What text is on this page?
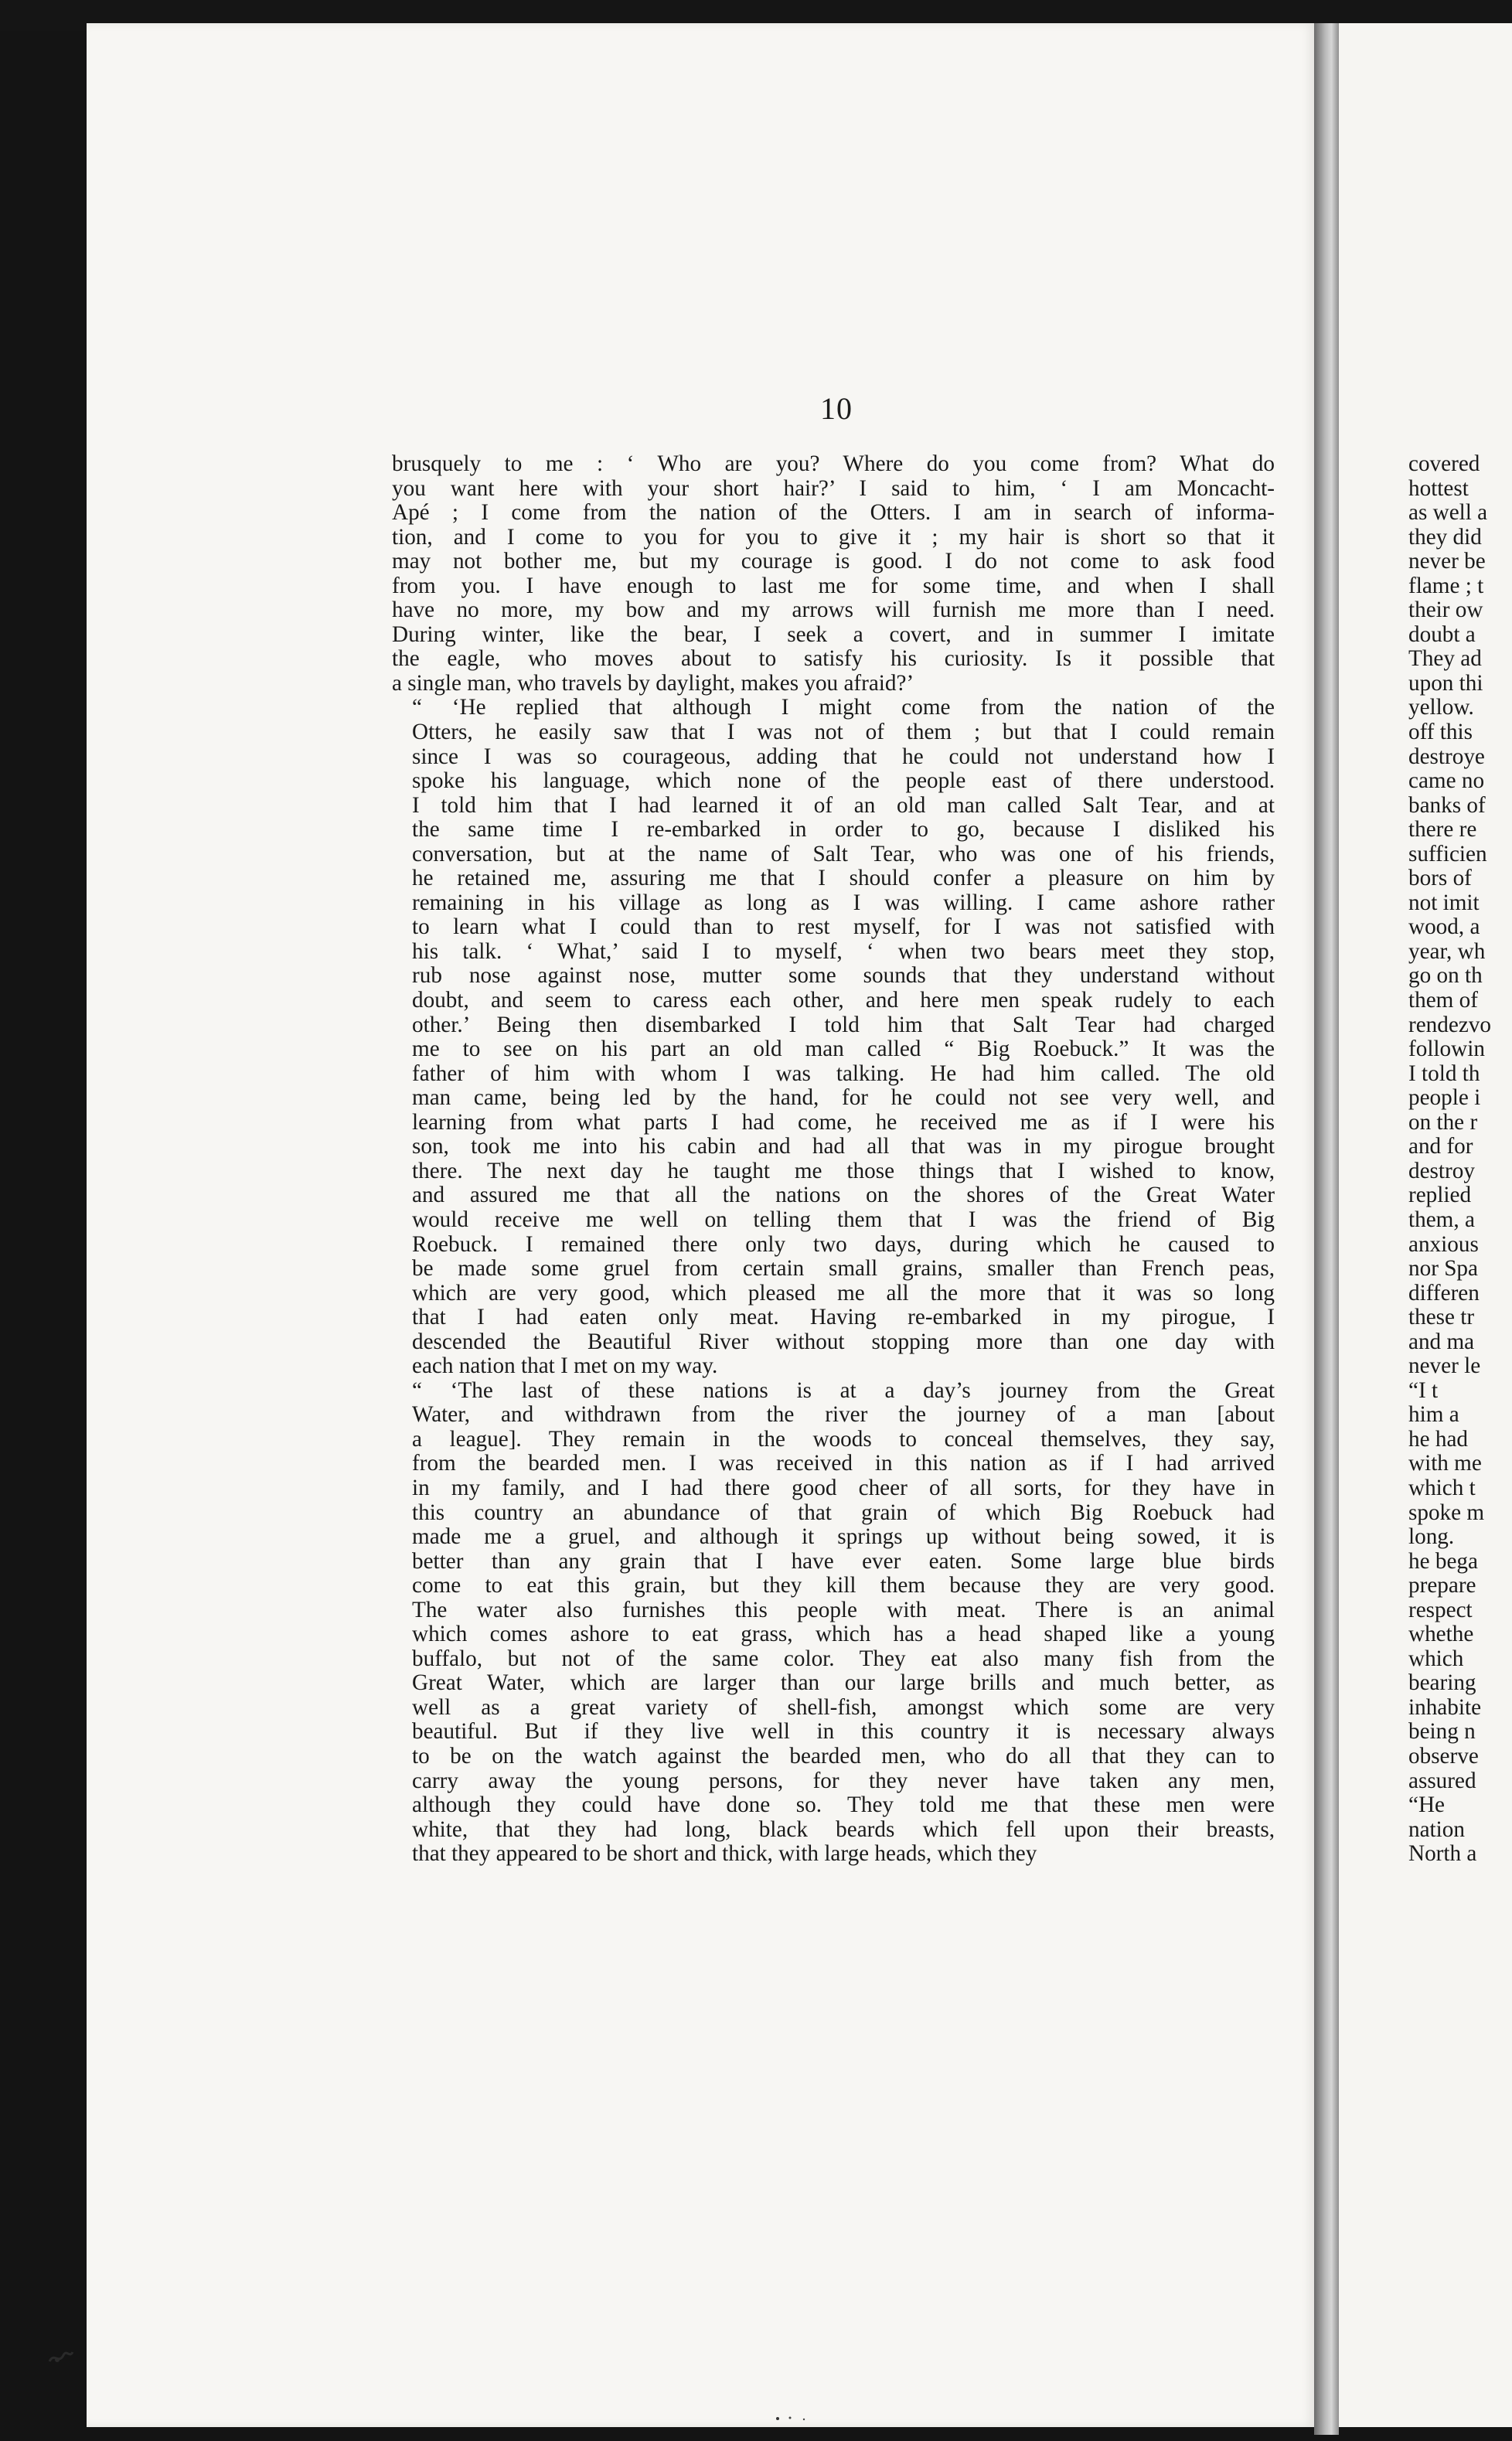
10

brusquely to me : ‘ Who are you? Where do you come from? What do
you want here with your short hair?’ I said to him, ‘ I am Moncacht-
Apé ; I come from the nation of the Otters. I am in search of informa-
tion, and I come to you for you to give it ; my hair is short so that it
may not bother me, but my courage is good. I do not come to ask food
from you. I have enough to last me for some time, and when I shall
have no more, my bow and my arrows will furnish me more than I need.
During winter, like the bear, I seek a covert, and in summer I imitate
the eagle, who moves about to satisfy his curiosity. Is it possible that
a single man, who travels by daylight, makes you afraid?’

“ ‘He replied that although I might come from the nation of the
Otters, he easily saw that I was not of them ; but that I could remain
since I was so courageous, adding that he could not understand how I
spoke his language, which none of the people east of there understood.
I told him that I had learned it of an old man called Salt Tear, and at
the same time I re-embarked in order to go, because I disliked his
conversation, but at the name of Salt Tear, who was one of his friends,
he retained me, assuring me that I should confer a pleasure on him by
remaining in his village as long as I was willing. I came ashore rather
to learn what I could than to rest myself, for I was not satisfied with
his talk. ‘ What,’ said I to myself, ‘ when two bears meet they stop,
rub nose against nose, mutter some sounds that they understand without
doubt, and seem to caress each other, and here men speak rudely to each
other.’ Being then disembarked I told him that Salt Tear had charged
me to see on his part an old man called “ Big Roebuck.” It was the
father of him with whom I was talking. He had him called. The old
man came, being led by the hand, for he could not see very well, and
learning from what parts I had come, he received me as if I were his
son, took me into his cabin and had all that was in my pirogue brought
there. The next day he taught me those things that I wished to know,
and assured me that all the nations on the shores of the Great Water
would receive me well on telling them that I was the friend of Big
Roebuck. I remained there only two days, during which he caused to
be made some gruel from certain small grains, smaller than French peas,
which are very good, which pleased me all the more that it was so long
that I had eaten only meat. Having re-embarked in my pirogue, I
descended the Beautiful River without stopping more than one day with
each nation that I met on my way.

“ ‘The last of these nations is at a day’s journey from the Great
Water, and withdrawn from the river the journey of a man [about
a league]. They remain in the woods to conceal themselves, they say,
from the bearded men. I was received in this nation as if I had arrived
in my family, and I had there good cheer of all sorts, for they have in
this country an abundance of that grain of which Big Roebuck had
made me a gruel, and although it springs up without being sowed, it is
better than any grain that I have ever eaten. Some large blue birds
come to eat this grain, but they kill them because they are very good.
The water also furnishes this people with meat. There is an animal
which comes ashore to eat grass, which has a head shaped like a young
buffalo, but not of the same color. They eat also many fish from the
Great Water, which are larger than our large brills and much better, as
well as a great variety of shell-fish, amongst which some are very
beautiful. But if they live well in this country it is necessary always
to be on the watch against the bearded men, who do all that they can to
carry away the young persons, for they never have taken any men,
although they could have done so. They told me that these men were
white, that they had long, black beards which fell upon their breasts,
that they appeared to be short and thick, with large heads, which they

covered
hottest
as well a
they did
never be
flame ; t
their ow
doubt a
They ad
upon thi
yellow.
off this
destroye
came no
banks of
there re
sufficien
bors of
not imit
wood, a
year, wh
go on th
them of
rendezvo
followin
I told th
people i
on the r
and for
destroy
replied
them, a
anxious
nor Spa
differen
these tr
and ma
never le
“I t
him a
he had
with me
which t
spoke m
long.
he bega
prepare
respect
whethe
which
bearing
inhabite
being n
observe
assured
“He
nation
North a
